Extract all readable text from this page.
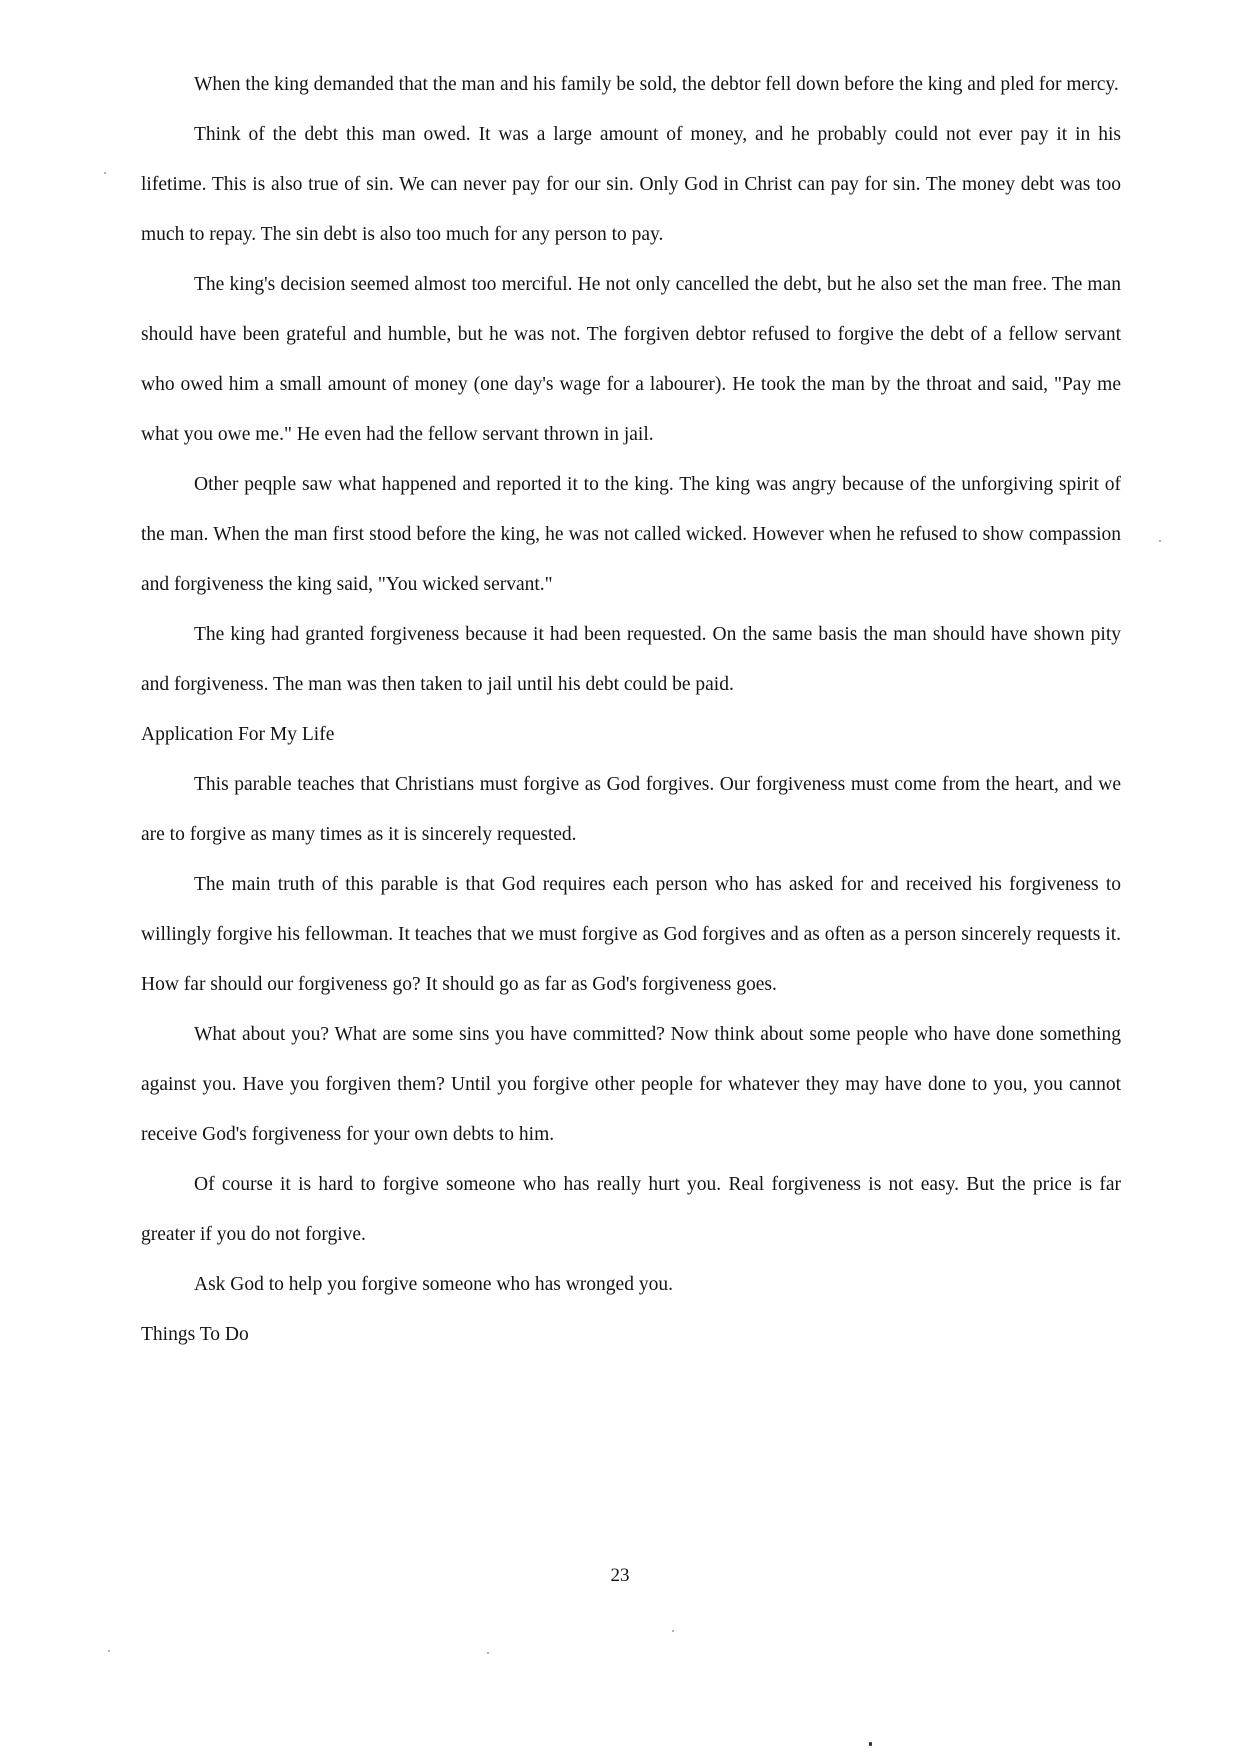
When the king demanded that the man and his family be sold, the debtor fell down before the king and pled for mercy.

Think of the debt this man owed. It was a large amount of money, and he probably could not ever pay it in his lifetime. This is also true of sin. We can never pay for our sin. Only God in Christ can pay for sin. The money debt was too much to repay. The sin debt is also too much for any person to pay.

The king's decision seemed almost too merciful. He not only cancelled the debt, but he also set the man free. The man should have been grateful and humble, but he was not. The forgiven debtor refused to forgive the debt of a fellow servant who owed him a small amount of money (one day's wage for a labourer). He took the man by the throat and said, "Pay me what you owe me." He even had the fellow servant thrown in jail.

Other peqple saw what happened and reported it to the king. The king was angry because of the unforgiving spirit of the man. When the man first stood before the king, he was not called wicked. However when he refused to show compassion and forgiveness the king said, "You wicked servant."

The king had granted forgiveness because it had been requested. On the same basis the man should have shown pity and forgiveness. The man was then taken to jail until his debt could be paid.

Application For My Life

This parable teaches that Christians must forgive as God forgives. Our forgiveness must come from the heart, and we are to forgive as many times as it is sincerely requested.

The main truth of this parable is that God requires each person who has asked for and received his forgiveness to willingly forgive his fellowman. It teaches that we must forgive as God forgives and as often as a person sincerely requests it. How far should our forgiveness go? It should go as far as God's forgiveness goes.

What about you? What are some sins you have committed? Now think about some people who have done something against you. Have you forgiven them? Until you forgive other people for whatever they may have done to you, you cannot receive God's forgiveness for your own debts to him.

Of course it is hard to forgive someone who has really hurt you. Real forgiveness is not easy. But the price is far greater if you do not forgive.

Ask God to help you forgive someone who has wronged you.

Things To Do

23
